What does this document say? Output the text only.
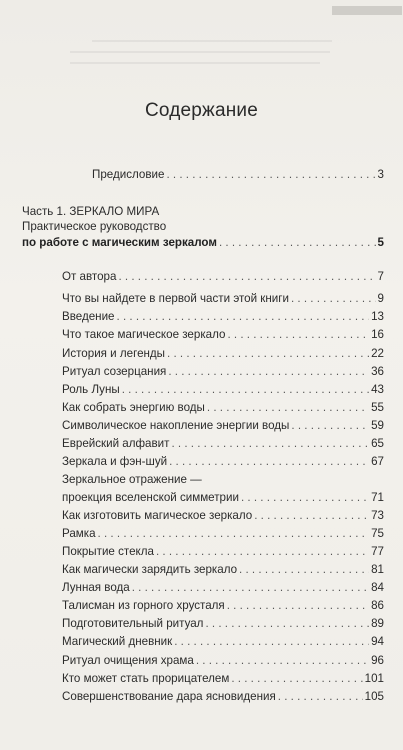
Содержание
Предисловие . . .	3
Часть 1. ЗЕРКАЛО МИРА
Практическое руководство
по работе с магическим зеркалом . . .	5
От автора . . .	7
Что вы найдете в первой части этой книги . . .	9
Введение . . .	13
Что такое магическое зеркало . . .	16
История и легенды . . .	22
Ритуал созерцания . . .	36
Роль Луны . . .	43
Как собрать энергию воды . . .	55
Символическое накопление энергии воды . . .	59
Еврейский алфавит . . .	65
Зеркала и фэн-шуй . . .	67
Зеркальное отражение —
проекция вселенской симметрии . . .	71
Как изготовить магическое зеркало . . .	73
Рамка . . .	75
Покрытие стекла . . .	77
Как магически зарядить зеркало . . .	81
Лунная вода . . .	84
Талисман из горного хрусталя . . .	86
Подготовительный ритуал . . .	89
Магический дневник . . .	94
Ритуал очищения храма . . .	96
Кто может стать прорицателем . . .	101
Совершенствование дара ясновидения . . .	105
